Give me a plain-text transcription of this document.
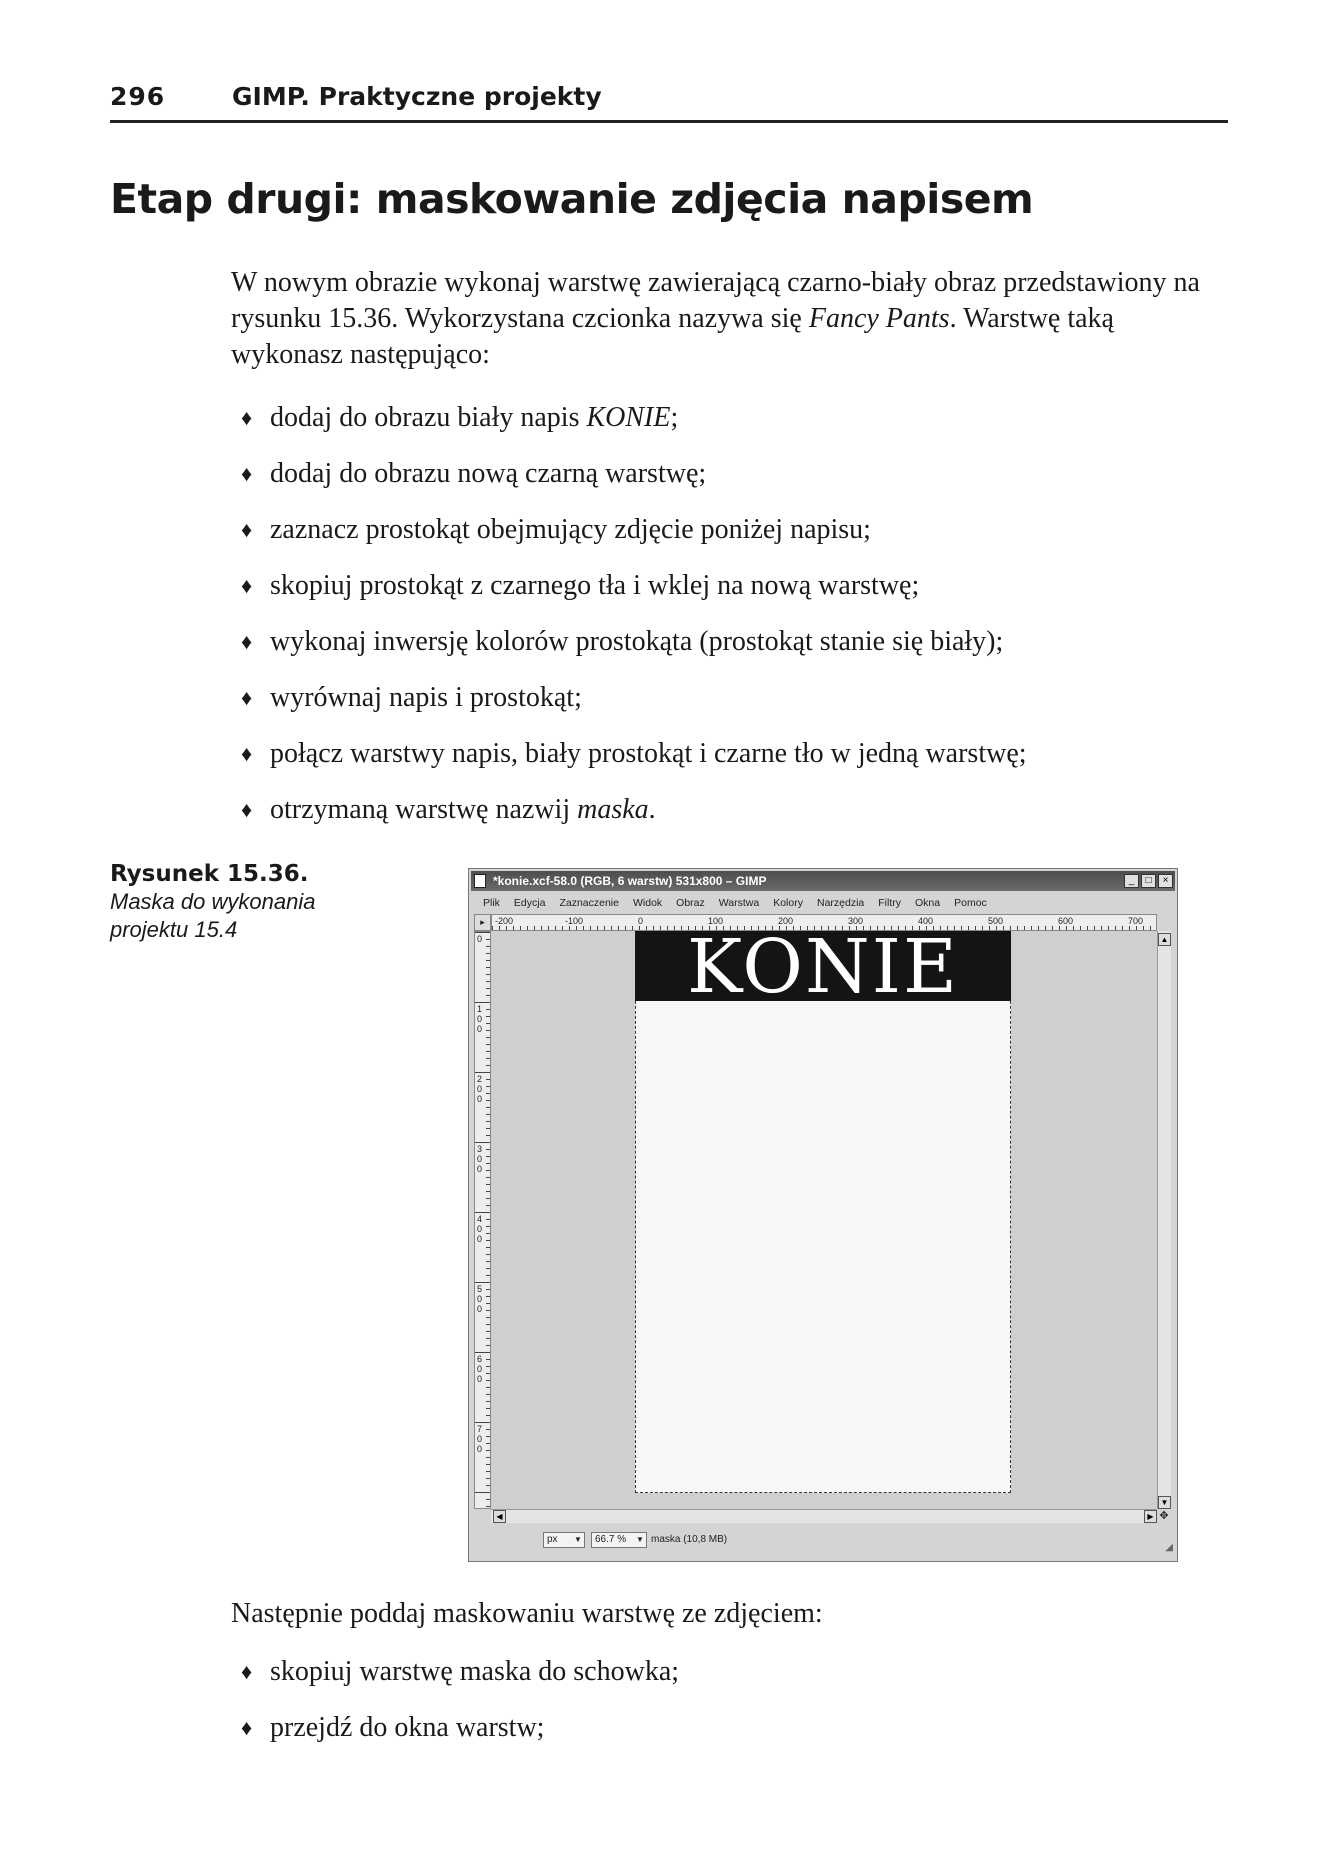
296	GIMP. Praktyczne projekty
Etap drugi: maskowanie zdjęcia napisem

W nowym obrazie wykonaj warstwę zawierającą czarno-biały obraz przedstawiony na rysunku 15.36. Wykorzystana czcionka nazywa się Fancy Pants. Warstwę taką wykonasz następująco:

♦ dodaj do obrazu biały napis KONIE;
♦ dodaj do obrazu nową czarną warstwę;
♦ zaznacz prostokąt obejmujący zdjęcie poniżej napisu;
♦ skopiuj prostokąt z czarnego tła i wklej na nową warstwę;
♦ wykonaj inwersję kolorów prostokąta (prostokąt stanie się biały);
♦ wyrównaj napis i prostokąt;
♦ połącz warstwy napis, biały prostokąt i czarne tło w jedną warstwę;
♦ otrzymaną warstwę nazwij maska.
Rysunek 15.36.
Maska do wykonania projektu 15.4
*konie.xcf-58.0 (RGB, 6 warstw) 531x800 – GIMP	_	□	×
Plik Edycja Zaznaczenie Widok Obraz Warstwa Kolory Narzędzia Filtry Okna Pomoc
▸	-200	-100	0	100	200	300	400	500	600	700
0
100
200
300
400
500
600
700
KONIE	▲
▼
◀	▶ ✥
px ▼	66.7 % ▼ maska (10,8 MB)
◢

Następnie poddaj maskowaniu warstwę ze zdjęciem:

♦ skopiuj warstwę maska do schowka;
♦ przejdź do okna warstw;
